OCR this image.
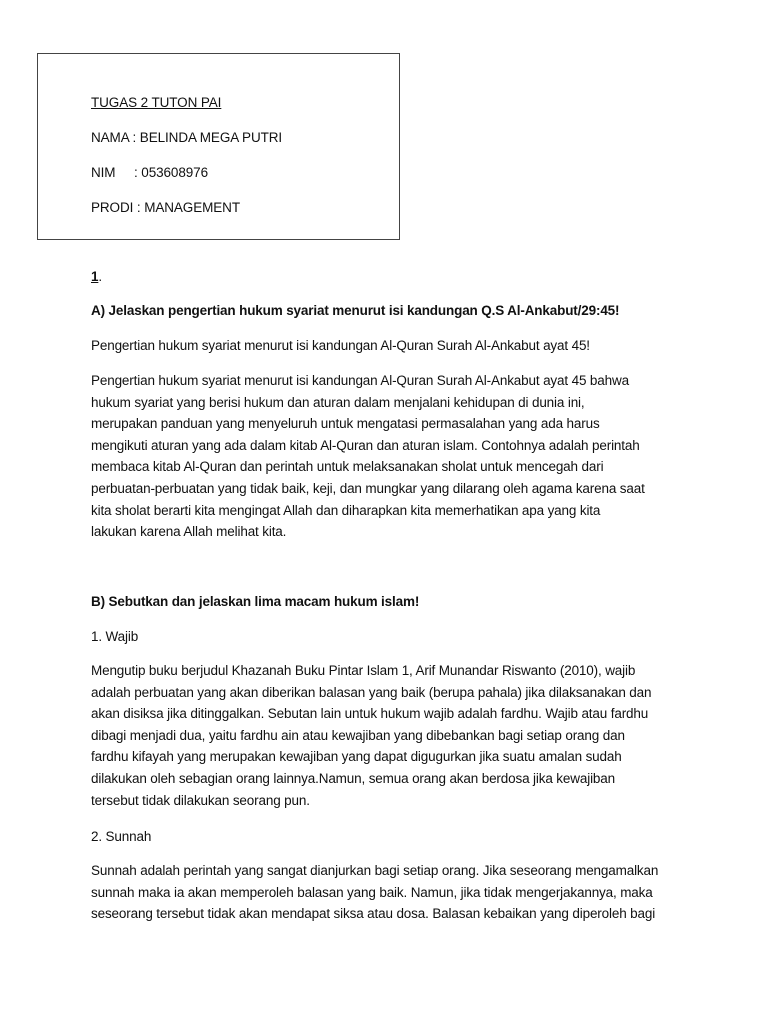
TUGAS 2 TUTON PAI
NAMA : BELINDA MEGA PUTRI
NIM : 053608976
PRODI : MANAGEMENT
1.
A) Jelaskan pengertian hukum syariat menurut isi kandungan Q.S Al-Ankabut/29:45!
Pengertian hukum syariat menurut isi kandungan Al-Quran Surah Al-Ankabut ayat 45!
Pengertian hukum syariat menurut isi kandungan Al-Quran Surah Al-Ankabut ayat 45 bahwa
hukum syariat yang berisi hukum dan aturan dalam menjalani kehidupan di dunia ini,
merupakan panduan yang menyeluruh untuk mengatasi permasalahan yang ada harus
mengikuti aturan yang ada dalam kitab Al-Quran dan aturan islam. Contohnya adalah perintah
membaca kitab Al-Quran dan perintah untuk melaksanakan sholat untuk mencegah dari
perbuatan-perbuatan yang tidak baik, keji, dan mungkar yang dilarang oleh agama karena saat
kita sholat berarti kita mengingat Allah dan diharapkan kita memerhatikan apa yang kita
lakukan karena Allah melihat kita.
B) Sebutkan dan jelaskan lima macam hukum islam!
1. Wajib
Mengutip buku berjudul Khazanah Buku Pintar Islam 1, Arif Munandar Riswanto (2010), wajib
adalah perbuatan yang akan diberikan balasan yang baik (berupa pahala) jika dilaksanakan dan
akan disiksa jika ditinggalkan. Sebutan lain untuk hukum wajib adalah fardhu. Wajib atau fardhu
dibagi menjadi dua, yaitu fardhu ain atau kewajiban yang dibebankan bagi setiap orang dan
fardhu kifayah yang merupakan kewajiban yang dapat digugurkan jika suatu amalan sudah
dilakukan oleh sebagian orang lainnya.Namun, semua orang akan berdosa jika kewajiban
tersebut tidak dilakukan seorang pun.
2. Sunnah
Sunnah adalah perintah yang sangat dianjurkan bagi setiap orang. Jika seseorang mengamalkan
sunnah maka ia akan memperoleh balasan yang baik. Namun, jika tidak mengerjakannya, maka
seseorang tersebut tidak akan mendapat siksa atau dosa. Balasan kebaikan yang diperoleh bagi
